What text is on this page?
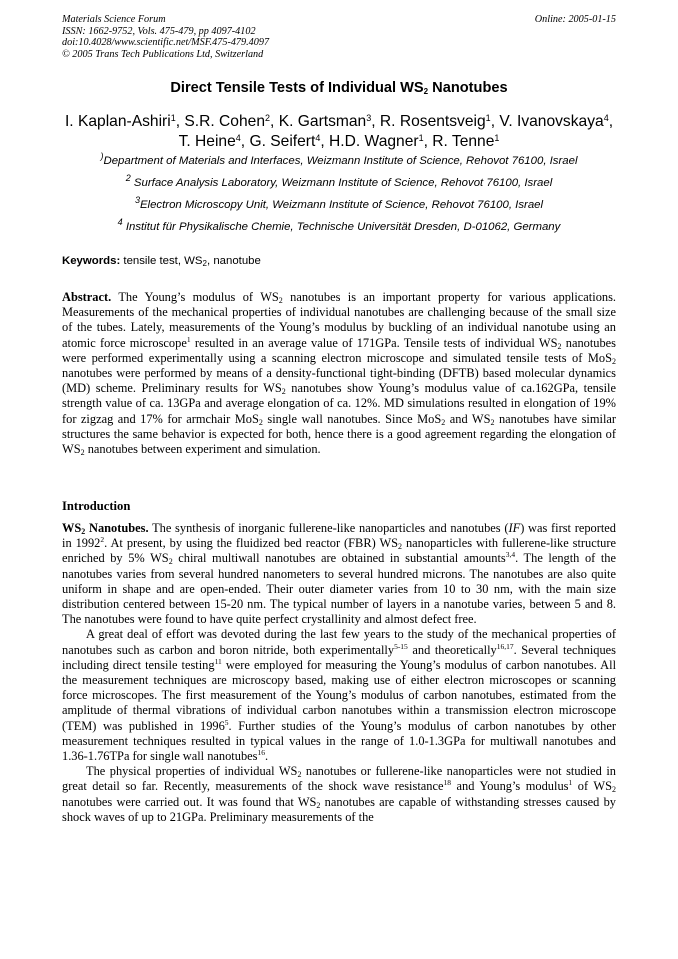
Materials Science Forum
ISSN: 1662-9752, Vols. 475-479, pp 4097-4102
doi:10.4028/www.scientific.net/MSF.475-479.4097
© 2005 Trans Tech Publications Ltd, Switzerland
Online: 2005-01-15
Direct Tensile Tests of Individual $WS_2$ Nanotubes
I. Kaplan-Ashiri$^1$, S.R. Cohen$^2$, K. Gartsman$^3$, R. Rosentsveig$^1$, V. Ivanovskaya$^4$, T. Heine$^4$, G. Seifert$^4$, H.D. Wagner$^1$, R. Tenne$^1$
)Department of Materials and Interfaces, Weizmann Institute of Science, Rehovot 76100, Israel
$^2$ Surface Analysis Laboratory, Weizmann Institute of Science, Rehovot 76100, Israel
$^3$Electron Microscopy Unit, Weizmann Institute of Science, Rehovot 76100, Israel
$^4$ Institut für Physikalische Chemie, Technische Universität Dresden, D-01062, Germany
Keywords: tensile test, $WS_2$, nanotube
Abstract. The Young’s modulus of $WS_2$ nanotubes is an important property for various applications. Measurements of the mechanical properties of individual nanotubes are challenging because of the small size of the tubes. Lately, measurements of the Young’s modulus by buckling of an individual nanotube using an atomic force microscope$^1$ resulted in an average value of 171GPa. Tensile tests of individual $WS_2$ nanotubes were performed experimentally using a scanning electron microscope and simulated tensile tests of MoS$_2$ nanotubes were performed by means of a density-functional tight-binding (DFTB) based molecular dynamics (MD) scheme. Preliminary results for $WS_2$ nanotubes show Young’s modulus value of ca.162GPa, tensile strength value of ca. 13GPa and average elongation of ca. 12%. MD simulations resulted in elongation of 19% for zigzag and 17% for armchair MoS$_2$ single wall nanotubes. Since MoS$_2$ and $WS_2$ nanotubes have similar structures the same behavior is expected for both, hence there is a good agreement regarding the elongation of $WS_2$ nanotubes between experiment and simulation.
Introduction

$WS_2$ Nanotubes. The synthesis of inorganic fullerene-like nanoparticles and nanotubes (IF) was first reported in 1992$^2$. At present, by using the fluidized bed reactor (FBR) $WS_2$ nanoparticles with fullerene-like structure enriched by 5% $WS_2$ chiral multiwall nanotubes are obtained in substantial amounts$^{3,4}$. The length of the nanotubes varies from several hundred nanometers to several hundred microns. The nanotubes are also quite uniform in shape and are open-ended. Their outer diameter varies from 10 to 30 nm, with the main size distribution centered between 15-20 nm. The typical number of layers in a nanotube varies, between 5 and 8. The nanotubes were found to have quite perfect crystallinity and almost defect free.

A great deal of effort was devoted during the last few years to the study of the mechanical properties of nanotubes such as carbon and boron nitride, both experimentally$^{5-15}$ and theoretically$^{16,17}$. Several techniques including direct tensile testing$^{11}$ were employed for measuring the Young’s modulus of carbon nanotubes. All the measurement techniques are microscopy based, making use of either electron microscopes or scanning force microscopes. The first measurement of the Young’s modulus of carbon nanotubes, estimated from the amplitude of thermal vibrations of individual carbon nanotubes within a transmission electron microscope (TEM) was published in 1996$^5$. Further studies of the Young’s modulus of carbon nanotubes by other measurement techniques resulted in typical values in the range of 1.0-1.3GPa for multiwall nanotubes and 1.36-1.76TPa for single wall nanotubes$^{16}$.

The physical properties of individual $WS_2$ nanotubes or fullerene-like nanoparticles were not studied in great detail so far. Recently, measurements of the shock wave resistance$^{18}$ and Young’s modulus$^1$ of $WS_2$ nanotubes were carried out. It was found that $WS_2$ nanotubes are capable of withstanding stresses caused by shock waves of up to 21GPa. Preliminary measurements of the
